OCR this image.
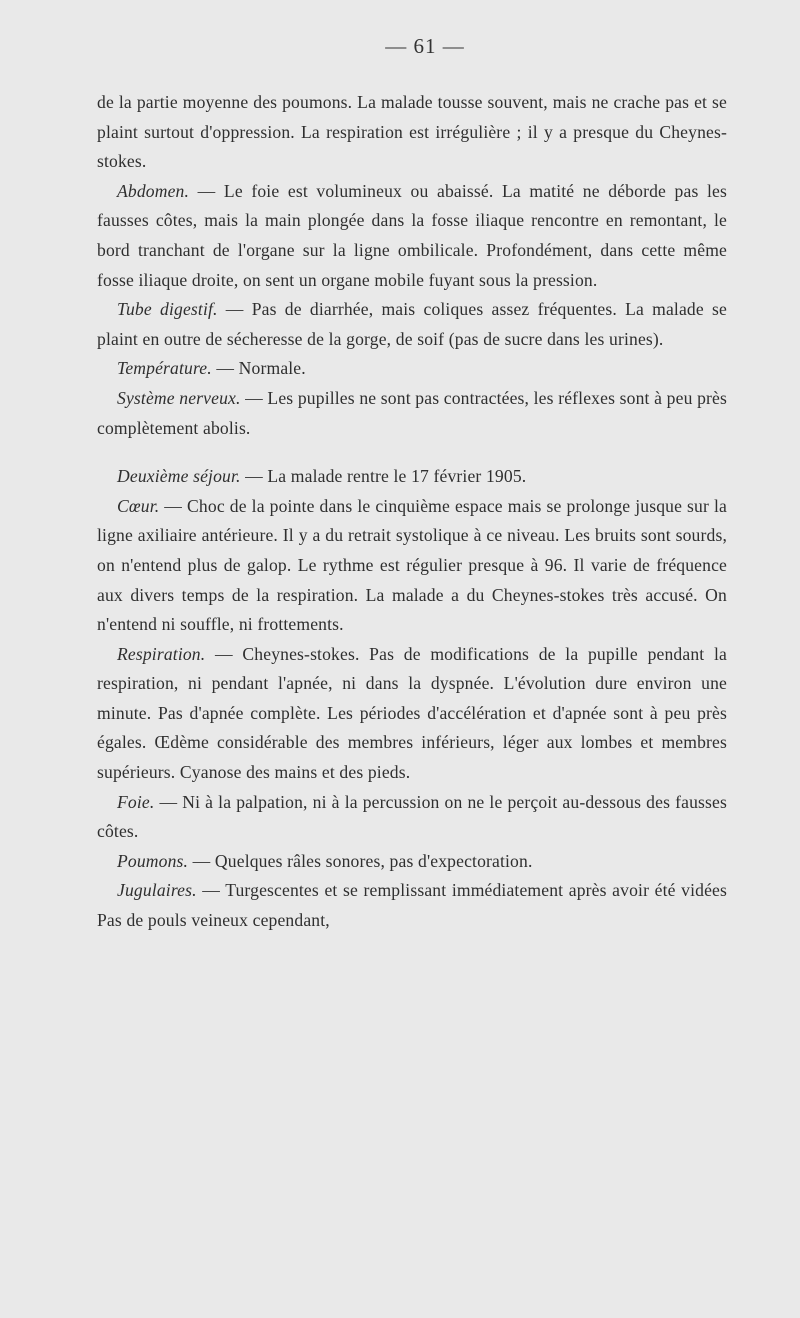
— 61 —

de la partie moyenne des poumons. La malade tousse souvent, mais ne crache pas et se plaint surtout d'oppression. La respiration est irrégulière ; il y a presque du Cheynes-stokes.

Abdomen. — Le foie est volumineux ou abaissé. La matité ne déborde pas les fausses côtes, mais la main plongée dans la fosse iliaque rencontre en remontant, le bord tranchant de l'organe sur la ligne ombilicale. Profondément, dans cette même fosse iliaque droite, on sent un organe mobile fuyant sous la pression.

Tube digestif. — Pas de diarrhée, mais coliques assez fréquentes. La malade se plaint en outre de sécheresse de la gorge, de soif (pas de sucre dans les urines).

Température. — Normale.

Système nerveux. — Les pupilles ne sont pas contractées, les réflexes sont à peu près complètement abolis.

Deuxième séjour. — La malade rentre le 17 février 1905.

Cœur. — Choc de la pointe dans le cinquième espace mais se prolonge jusque sur la ligne axiliaire antérieure. Il y a du retrait systolique à ce niveau. Les bruits sont sourds, on n'entend plus de galop. Le rythme est régulier presque à 96. Il varie de fréquence aux divers temps de la respiration. La malade a du Cheynes-stokes très accusé. On n'entend ni souffle, ni frottements.

Respiration. — Cheynes-stokes. Pas de modifications de la pupille pendant la respiration, ni pendant l'apnée, ni dans la dyspnée. L'évolution dure environ une minute. Pas d'apnée complète. Les périodes d'accélération et d'apnée sont à peu près égales. Œdème considérable des membres inférieurs, léger aux lombes et membres supérieurs. Cyanose des mains et des pieds.

Foie. — Ni à la palpation, ni à la percussion on ne le perçoit au-dessous des fausses côtes.

Poumons. — Quelques râles sonores, pas d'expectoration.

Jugulaires. — Turgescentes et se remplissant immédiatement après avoir été vidées Pas de pouls veineux cependant,
